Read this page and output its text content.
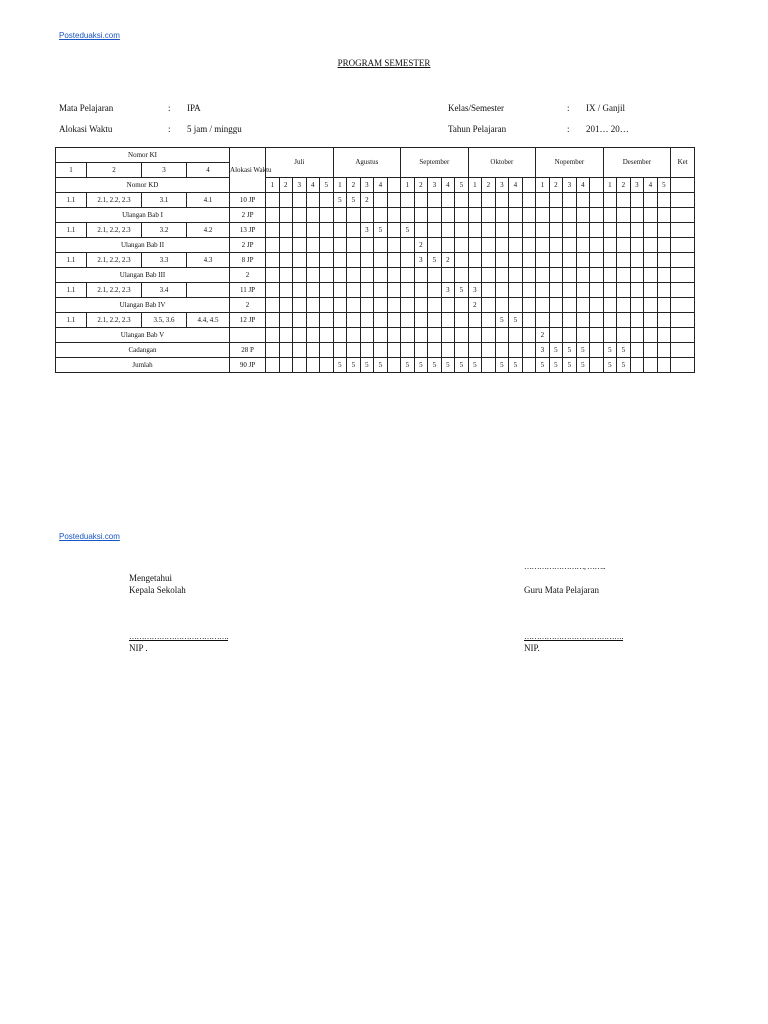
Posteduaksi.com
PROGRAM SEMESTER
Mata Pelajaran	: IPA
Alokasi Waktu	: 5 jam / minggu
Kelas/Semester	: IX / Ganjil
Tahun Pelajaran	: 201… 20…
Nomor KI				Alokasi Waktu	Juli					Agustus					September					Oktober					Nopember					Desember					Ket
1	2	3	4																																
Nomor KD					1	2	3	4	5	1	2	3	4		1	2	3	4	5	1	2	3	4		1	2	3	4		1	2	3	4	5	
1.1	2.1, 2.2, 2.3	3.1	4.1	10 JP						5	5	2																							
Ulangan Bab I				2 JP																															
1.1	2.1, 2.2, 2.3	3.2	4.2	13 JP								3	5		5																				
Ulangan Bab II				2 JP												2																			
1.1	2.1, 2.2, 2.3	3.3	4.3	8 JP												3	5	2																	
Ulangan Bab III				2																															
1.1	2.1, 2.2, 2.3	3.4		11 JP														3	5	3															
Ulangan Bab IV				2																2															
1.1	2.1, 2.2, 2.3	3.5, 3.6	4.4, 4.5	12 JP																		5	5												
Ulangan Bab V																									2										
Cadangan				28 P																					3	5	5	5		5	5				
Jumlah				90 JP						5	5	5	5		5	5	5	5	5	5		5	5		5	5	5	5		5	5				
Posteduaksi.com
……………………, ……..
Mengetahui
Kepala Sekolah	Guru Mata Pelajaran
………………………………….	………………………………….
NIP .	NIP.
